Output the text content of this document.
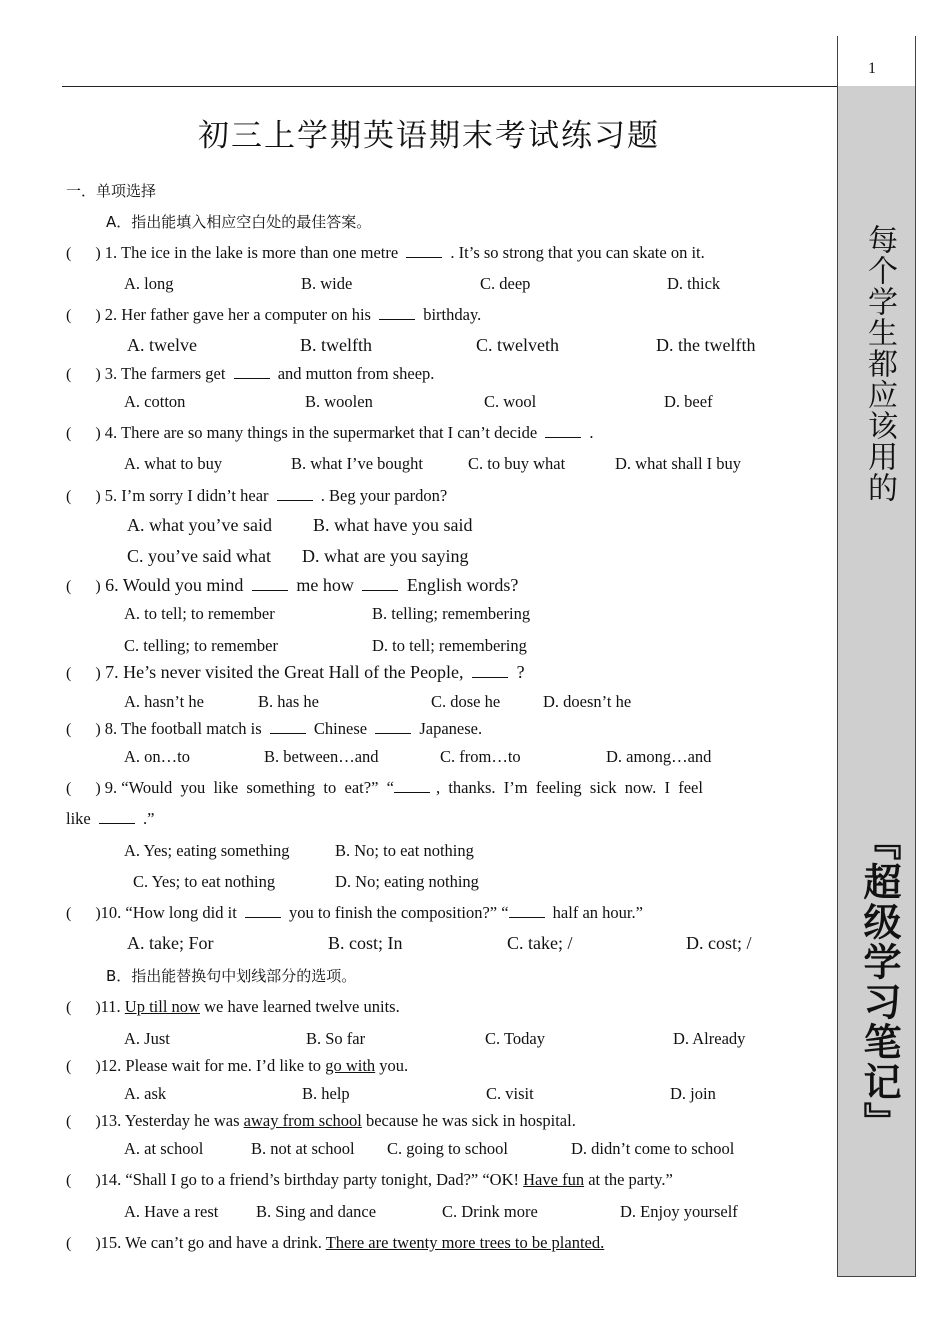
1
每个学生都应该用的
『超级学习笔记』
初三上学期英语期末考试练习题
一．单项选择
A．指出能填入相应空白处的最佳答案。
(      ) 1. The ice in the lake is more than one metre	. It’s so strong that you can skate on it.
A. long	B. wide	C. deep	D. thick
(      ) 2. Her father gave her a computer on his	birthday.
A. twelve	B. twelfth	C. twelveth	D. the twelfth
(      ) 3. The farmers get	and mutton from sheep.
A. cotton	B. woolen	C. wool	D. beef
(      ) 4. There are so many things in the supermarket that I can’t decide	.
A. what to buy	B. what I’ve bought	C. to buy what	D. what shall I buy
(      ) 5. I’m sorry I didn’t hear	. Beg your pardon?
A. what you’ve said B. what have you said
C. you’ve said what D. what are you saying
(      ) 6. Would you mind	me how	English words?
A. to tell; to remember	B. telling; remembering
C. telling; to remember	D. to tell; remembering
(      ) 7. He’s never visited the Great Hall of the People,	?
A. hasn’t he	B. has he	C. dose he	D. doesn’t he
(      ) 8. The football match is	Chinese	Japanese.
A. on…to	B. between…and	C. from…to	D. among…and
(      ) 9. “Would  you  like  something  to  eat?”  “	,  thanks.  I’m  feeling  sick  now.  I  feel
like	.”
A. Yes; eating something	B. No; to eat nothing
C. Yes; to eat nothing	D. No; eating nothing
(      )10. “How long did it	you to finish the composition?” “	half an hour.”
A. take; For	B. cost; In	C. take; /	D. cost; /
B．指出能替换句中划线部分的选项。
(      )11. Up till now we have learned twelve units.
A. Just	B. So far	C. Today	D. Already
(      )12. Please wait for me. I’d like to go with you.
A. ask	B. help	C. visit	D. join
(      )13. Yesterday he was away from school because he was sick in hospital.
A. at school	B. not at school C. going to school	D. didn’t come to school
(      )14. “Shall I go to a friend’s birthday party tonight, Dad?” “OK! Have fun at the party.”
A. Have a rest B. Sing and dance	C. Drink more	D. Enjoy yourself
(      )15. We can’t go and have a drink. There are twenty more trees to be planted.
